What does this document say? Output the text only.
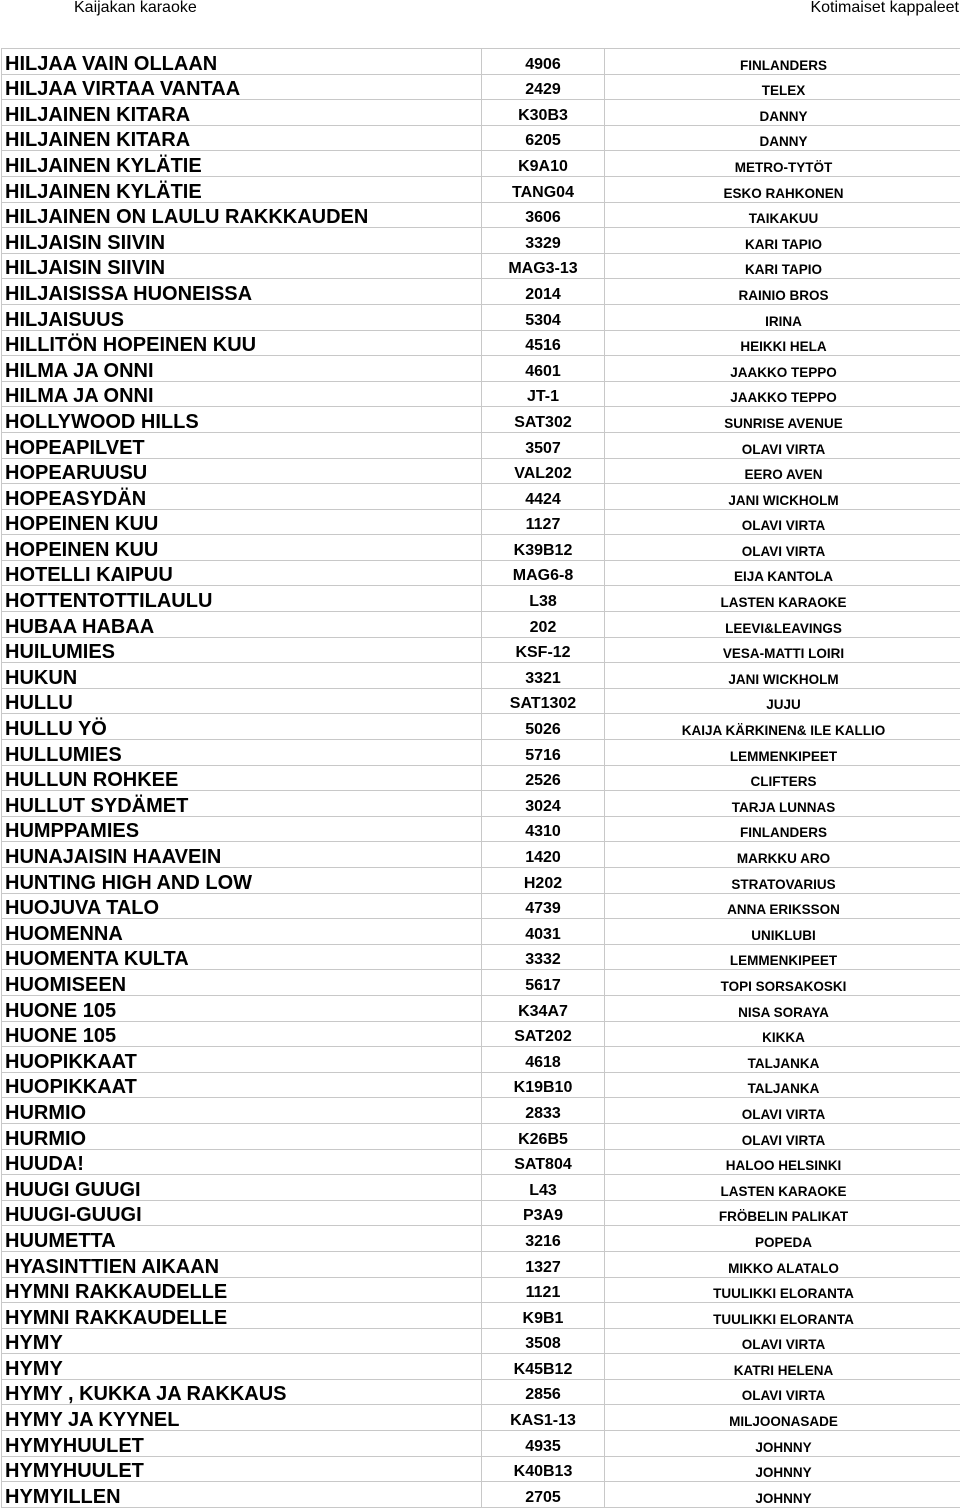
Kaijakan karaoke	Kotimaiset kappaleet
HILJAA VAIN OLLAAN	4906	FINLANDERS
HILJAA VIRTAA VANTAA	2429	TELEX
HILJAINEN KITARA	K30B3	DANNY
HILJAINEN KITARA	6205	DANNY
HILJAINEN KYLÄTIE	K9A10	METRO-TYTÖT
HILJAINEN KYLÄTIE	TANG04	ESKO RAHKONEN
HILJAINEN ON LAULU RAKKKAUDEN	3606	TAIKAKUU
HILJAISIN SIIVIN	3329	KARI TAPIO
HILJAISIN SIIVIN	MAG3-13	KARI TAPIO
HILJAISISSA HUONEISSA	2014	RAINIO BROS
HILJAISUUS	5304	IRINA
HILLITÖN HOPEINEN KUU	4516	HEIKKI HELA
HILMA JA ONNI	4601	JAAKKO TEPPO
HILMA JA ONNI	JT-1	JAAKKO TEPPO
HOLLYWOOD HILLS	SAT302	SUNRISE AVENUE
HOPEAPILVET	3507	OLAVI VIRTA
HOPEARUUSU	VAL202	EERO AVEN
HOPEASYDÄN	4424	JANI WICKHOLM
HOPEINEN KUU	1127	OLAVI VIRTA
HOPEINEN KUU	K39B12	OLAVI VIRTA
HOTELLI KAIPUU	MAG6-8	EIJA KANTOLA
HOTTENTOTTILAULU	L38	LASTEN KARAOKE
HUBAA HABAA	202	LEEVI&LEAVINGS
HUILUMIES	KSF-12	VESA-MATTI LOIRI
HUKUN	3321	JANI WICKHOLM
HULLU	SAT1302	JUJU
HULLU YÖ	5026	KAIJA KÄRKINEN& ILE KALLIO
HULLUMIES	5716	LEMMENKIPEET
HULLUN ROHKEE	2526	CLIFTERS
HULLUT SYDÄMET	3024	TARJA LUNNAS
HUMPPAMIES	4310	FINLANDERS
HUNAJAISIN HAAVEIN	1420	MARKKU ARO
HUNTING HIGH AND LOW	H202	STRATOVARIUS
HUOJUVA TALO	4739	ANNA ERIKSSON
HUOMENNA	4031	UNIKLUBI
HUOMENTA KULTA	3332	LEMMENKIPEET
HUOMISEEN	5617	TOPI SORSAKOSKI
HUONE 105	K34A7	NISA SORAYA
HUONE 105	SAT202	KIKKA
HUOPIKKAAT	4618	TALJANKA
HUOPIKKAAT	K19B10	TALJANKA
HURMIO	2833	OLAVI VIRTA
HURMIO	K26B5	OLAVI VIRTA
HUUDA!	SAT804	HALOO HELSINKI
HUUGI GUUGI	L43	LASTEN KARAOKE
HUUGI-GUUGI	P3A9	FRÖBELIN PALIKAT
HUUMETTA	3216	POPEDA
HYASINTTIEN AIKAAN	1327	MIKKO ALATALO
HYMNI RAKKAUDELLE	1121	TUULIKKI ELORANTA
HYMNI RAKKAUDELLE	K9B1	TUULIKKI ELORANTA
HYMY	3508	OLAVI VIRTA
HYMY	K45B12	KATRI HELENA
HYMY , KUKKA JA RAKKAUS	2856	OLAVI VIRTA
HYMY JA KYYNEL	KAS1-13	MILJOONASADE
HYMYHUULET	4935	JOHNNY
HYMYHUULET	K40B13	JOHNNY
HYMYILLEN	2705	JOHNNY
